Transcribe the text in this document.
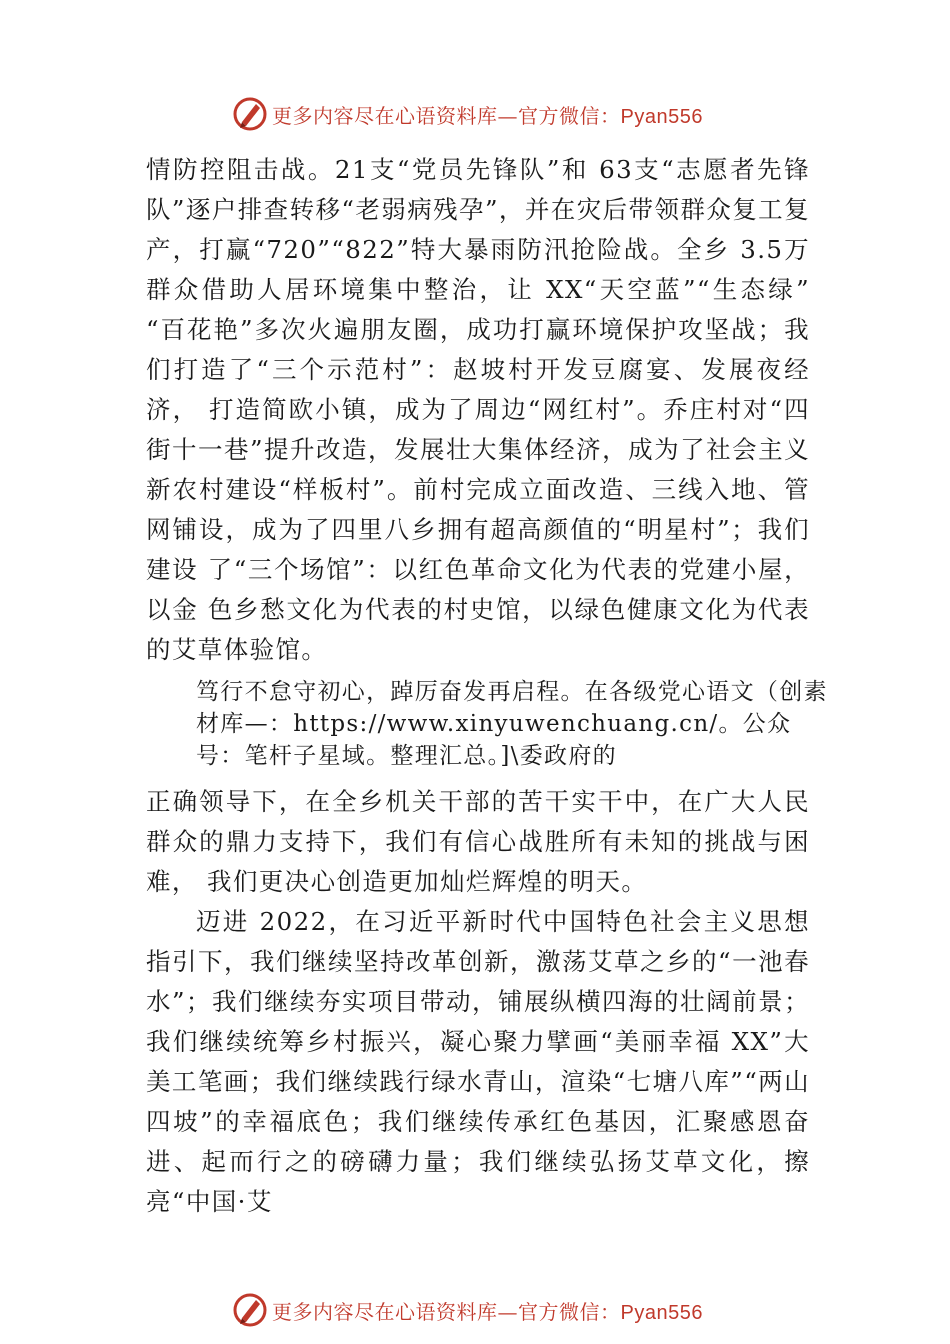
更多内容尽在心语资料库—官方微信：Pyan556

情防控阻击战。21支“党员先锋队”和 63支“志愿者先锋队”逐户排查转移“老弱病残孕”，并在灾后带领群众复工复产，打赢“720”“822”特大暴雨防汛抢险战。全乡 3.5万群众借助人居环境集中整治，让 XX“天空蓝”“生态绿” “百花艳”多次火遍朋友圈，成功打赢环境保护攻坚战；我们打造了“三个示范村”：赵坡村开发豆腐宴、发展夜经济， 打造简欧小镇，成为了周边“网红村”。乔庄村对“四街十一巷”提升改造，发展壮大集体经济，成为了社会主义新农村建设“样板村”。前村完成立面改造、三线入地、管网铺设，成为了四里八乡拥有超高颜值的“明星村”；我们建设 了“三个场馆”：以红色革命文化为代表的党建小屋，以金 色乡愁文化为代表的村史馆，以绿色健康文化为代表的艾草体验馆。

笃行不怠守初心，踔厉奋发再启程。在各级党心语文（创素材库—：https://www.xinyuwenchuang.cn/。公众号：笔杆子星域。整理汇总。]\委政府的

正确领导下，在全乡机关干部的苦干实干中，在广大人民群众的鼎力支持下，我们有信心战胜所有未知的挑战与困难， 我们更决心创造更加灿烂辉煌的明天。

迈进 2022，在习近平新时代中国特色社会主义思想指引下，我们继续坚持改革创新，激荡艾草之乡的“一池春水”；我们继续夯实项目带动，铺展纵横四海的壮阔前景；我们继续统筹乡村振兴，凝心聚力擘画“美丽幸福 XX”大美工笔画；我们继续践行绿水青山，渲染“七塘八库”“两山四坡”的幸福底色；我们继续传承红色基因，汇聚感恩奋进、起而行之的磅礴力量；我们继续弘扬艾草文化，擦亮“中国·艾

更多内容尽在心语资料库—官方微信：Pyan556
